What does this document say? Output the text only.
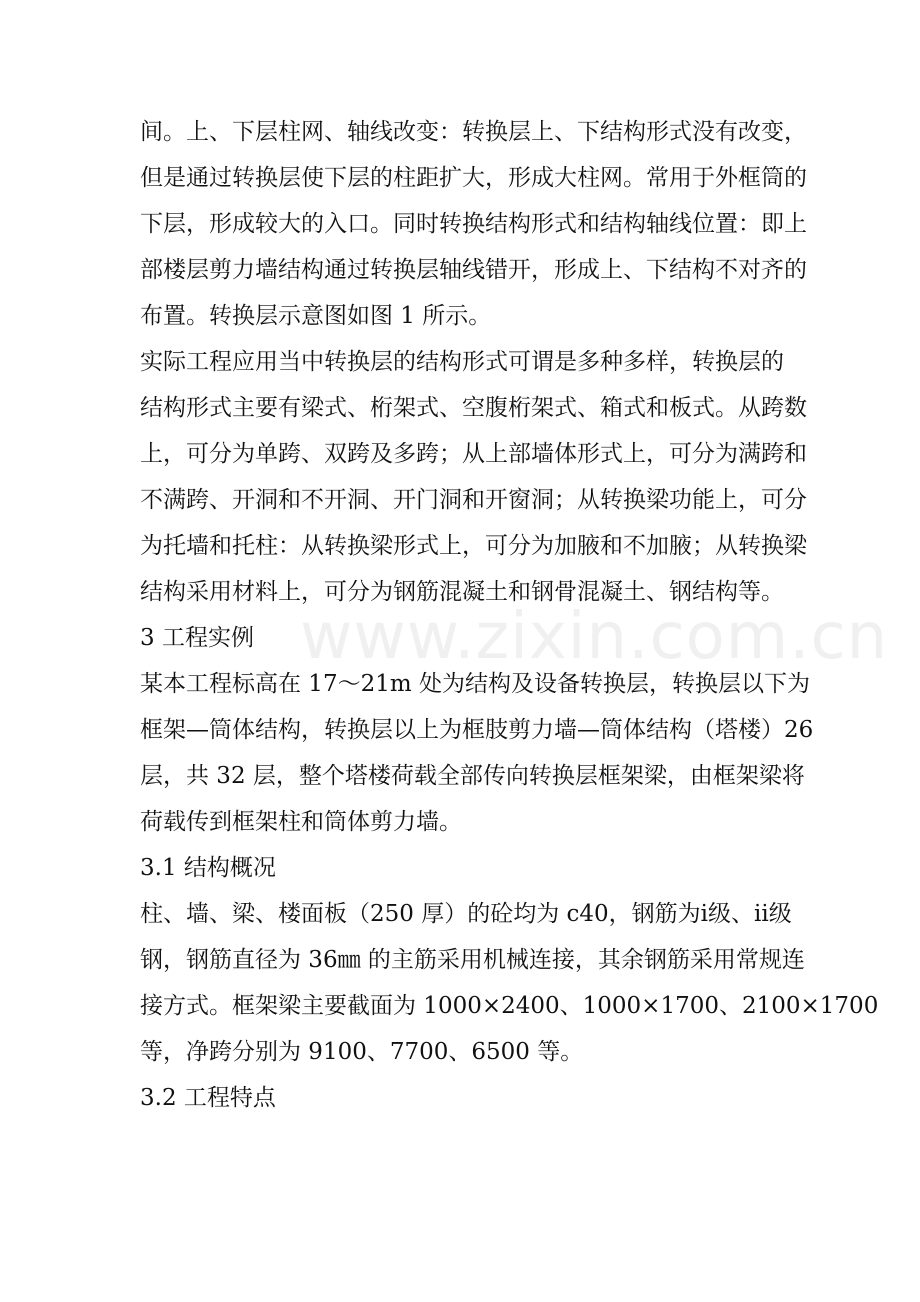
www.zixin.com.cn
间。上、下层柱网、轴线改变：转换层上、下结构形式没有改变，
但是通过转换层使下层的柱距扩大，形成大柱网。常用于外框筒的
下层，形成较大的入口。同时转换结构形式和结构轴线位置：即上
部楼层剪力墙结构通过转换层轴线错开，形成上、下结构不对齐的
布置。转换层示意图如图 1 所示。
实际工程应用当中转换层的结构形式可谓是多种多样，转换层的
结构形式主要有梁式、桁架式、空腹桁架式、箱式和板式。从跨数
上，可分为单跨、双跨及多跨；从上部墙体形式上，可分为满跨和
不满跨、开洞和不开洞、开门洞和开窗洞；从转换梁功能上，可分
为托墙和托柱：从转换梁形式上，可分为加腋和不加腋；从转换梁
结构采用材料上，可分为钢筋混凝土和钢骨混凝土、钢结构等。
3 工程实例
某本工程标高在 17～21m 处为结构及设备转换层，转换层以下为
框架—筒体结构，转换层以上为框肢剪力墙—筒体结构（塔楼）26
层，共 32 层，整个塔楼荷载全部传向转换层框架梁，由框架梁将
荷载传到框架柱和筒体剪力墙。
3.1 结构概况
柱、墙、梁、楼面板（250 厚）的砼均为 c40，钢筋为ⅰ级、ⅱ级
钢，钢筋直径为 36㎜ 的主筋采用机械连接，其余钢筋采用常规连
接方式。框架梁主要截面为 1000×2400、1000×1700、2100×1700
等，净跨分别为 9100、7700、6500 等。
3.2 工程特点
